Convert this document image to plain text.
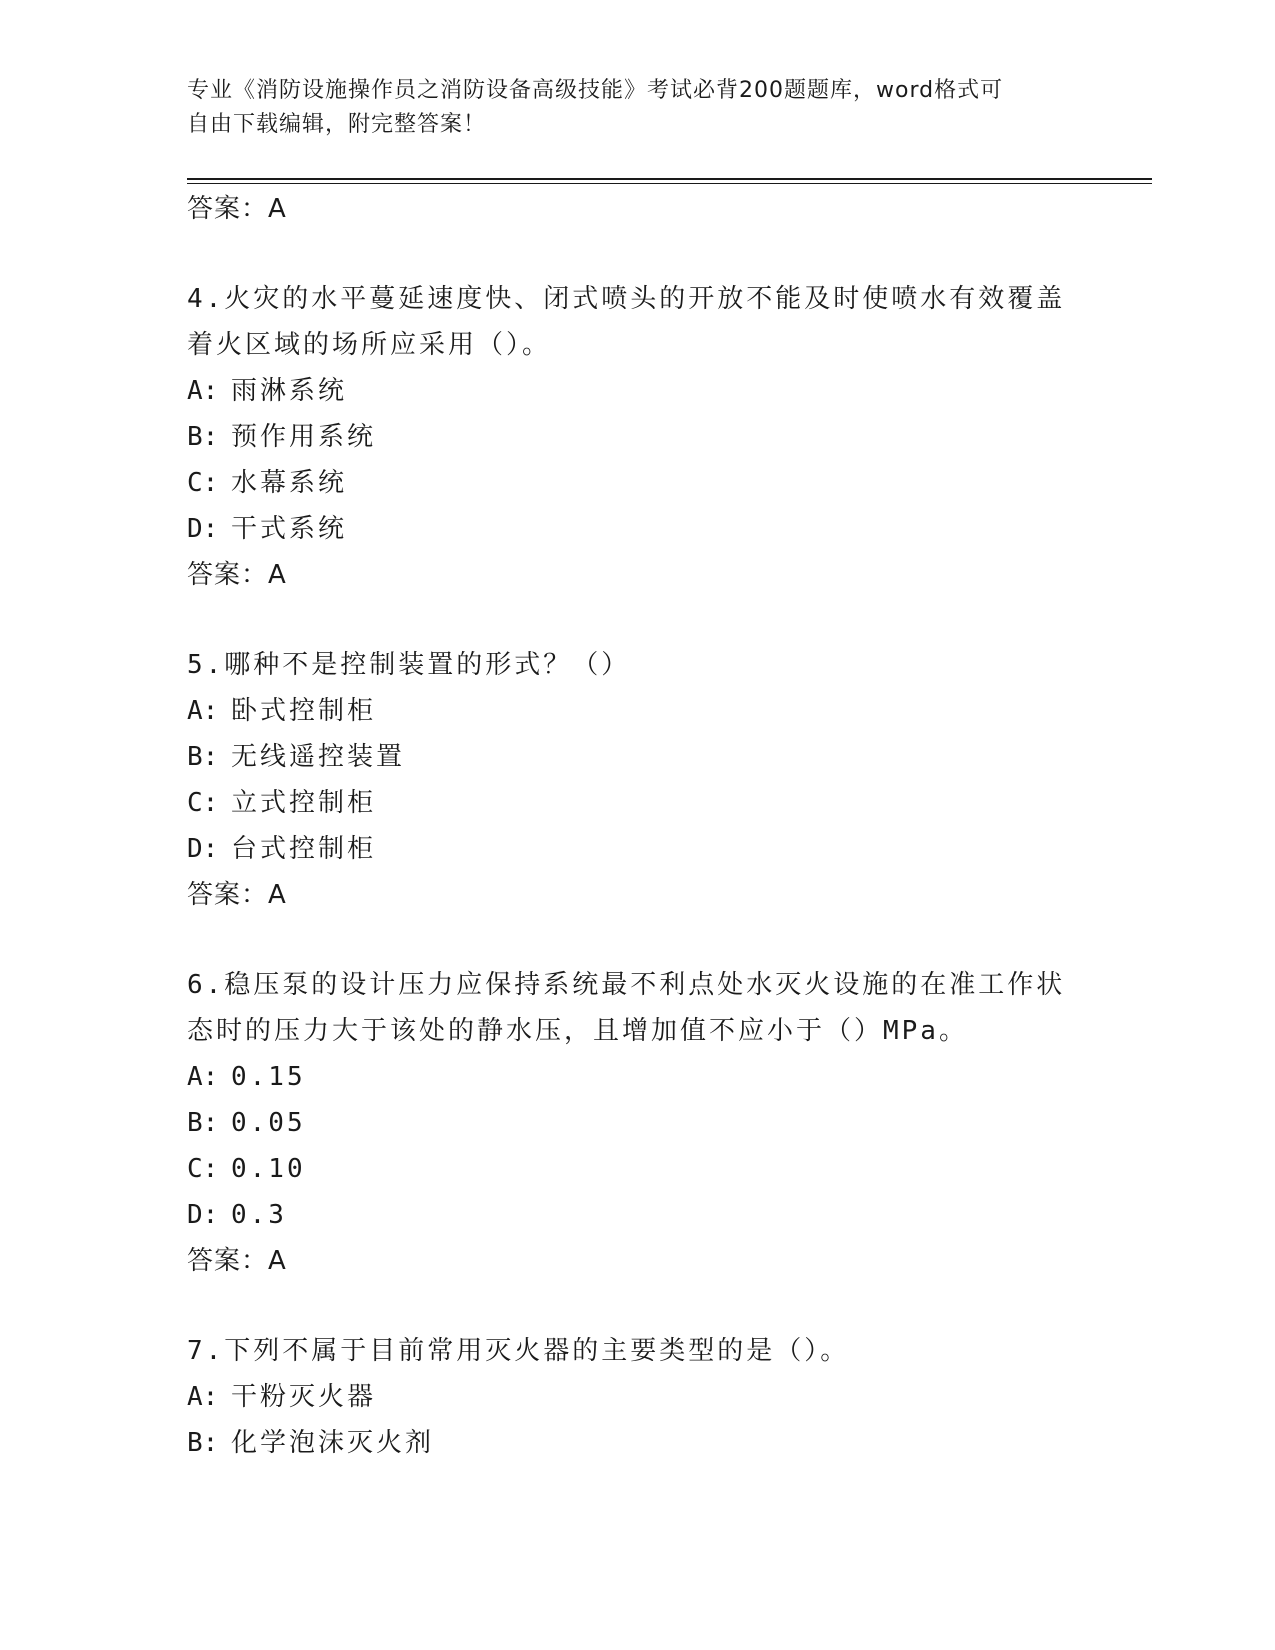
专业《消防设施操作员之消防设备高级技能》考试必背200题题库，word格式可
自由下载编辑，附完整答案！
答案：A
4.火灾的水平蔓延速度快、闭式喷头的开放不能及时使喷水有效覆盖着火区域的场所应采用（）。
A: 雨淋系统
B: 预作用系统
C: 水幕系统
D: 干式系统
答案：A
5.哪种不是控制装置的形式？（）
A: 卧式控制柜
B: 无线遥控装置
C: 立式控制柜
D: 台式控制柜
答案：A
6.稳压泵的设计压力应保持系统最不利点处水灭火设施的在准工作状态时的压力大于该处的静水压，且增加值不应小于（）MPa。
A: 0.15
B: 0.05
C: 0.10
D: 0.3
答案：A
7.下列不属于目前常用灭火器的主要类型的是（）。
A: 干粉灭火器
B: 化学泡沫灭火剂
